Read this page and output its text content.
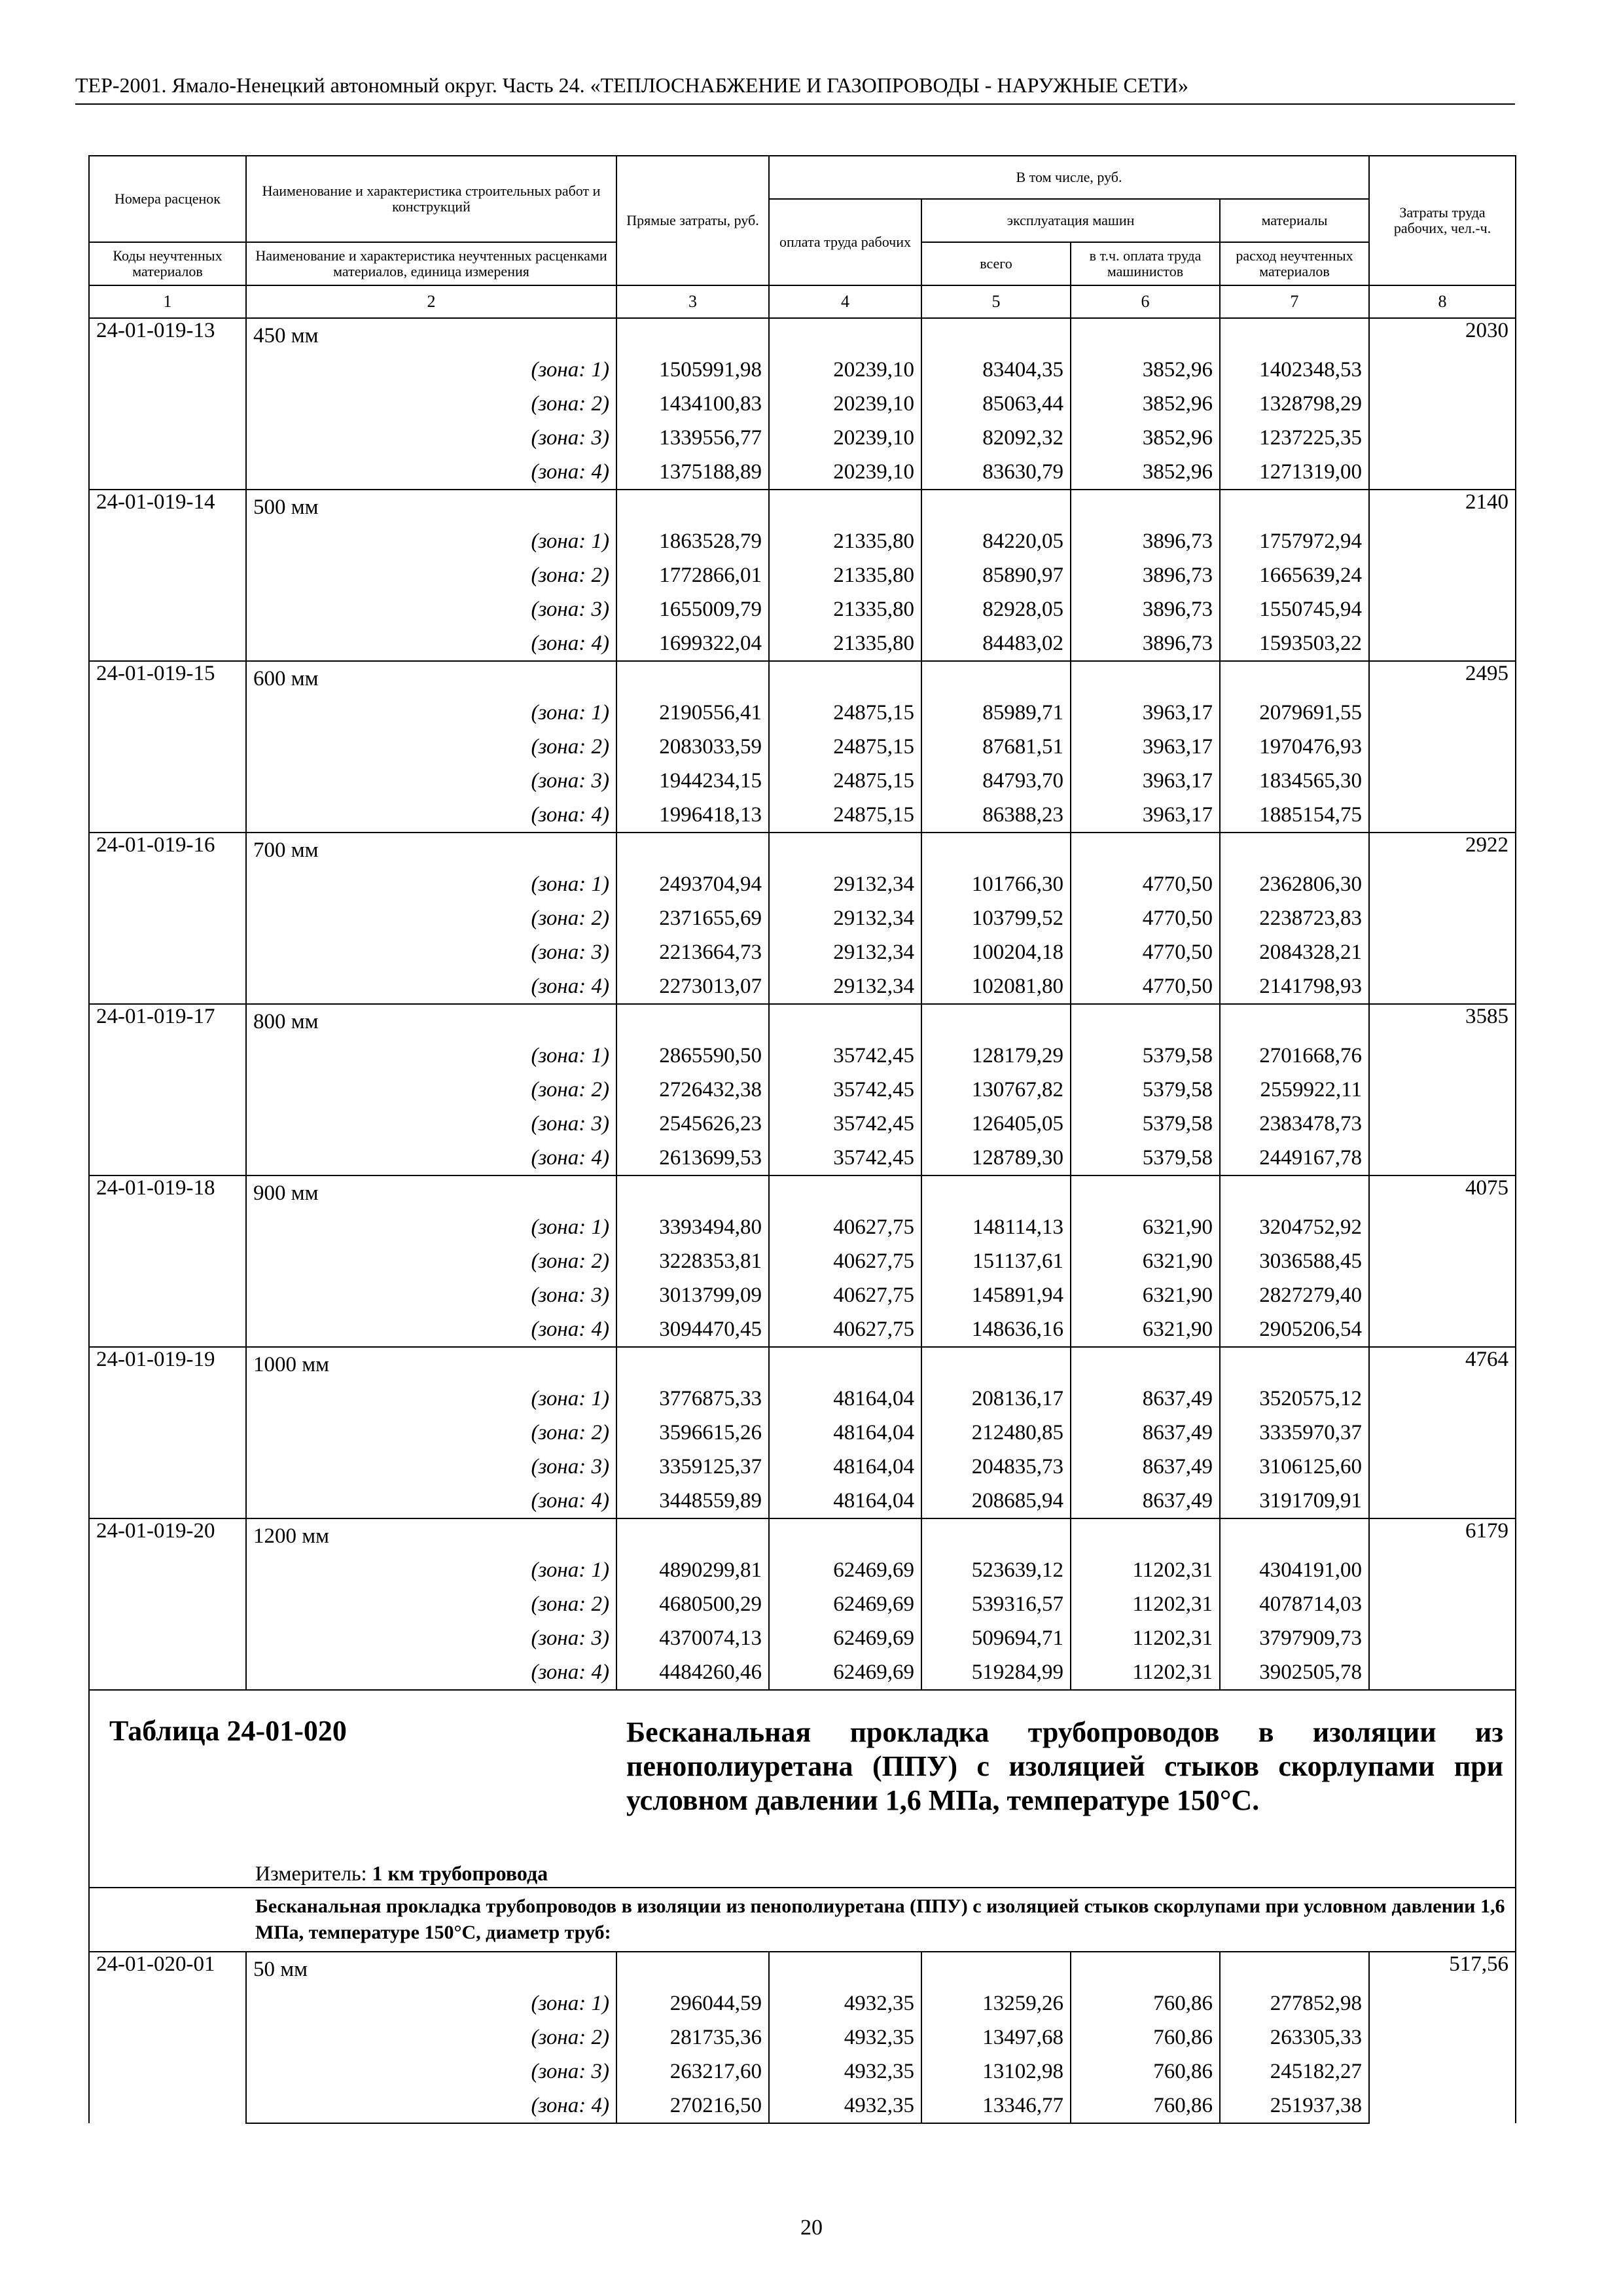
ТЕР-2001. Ямало-Ненецкий автономный округ. Часть 24. «ТЕПЛОСНАБЖЕНИЕ И ГАЗОПРОВОДЫ - НАРУЖНЫЕ СЕТИ»
Номера расценок	Наименование и характеристика строительных работ и конструкций	Прямые затраты, руб.	В том числе, руб.				Затраты труда рабочих, чел.-ч.
			оплата труда рабочих	эксплуатация машин		материалы	
Коды неучтенных материалов	Наименование и характеристика неучтенных расценками материалов, единица измерения			всего	в т.ч. оплата труда машинистов	расход неучтенных материалов	
1	2	3	4	5	6	7	8
24-01-019-13	450 мм						2030
	(зона: 1)	1505991,98	20239,10	83404,35	3852,96	1402348,53	
	(зона: 2)	1434100,83	20239,10	85063,44	3852,96	1328798,29	
	(зона: 3)	1339556,77	20239,10	82092,32	3852,96	1237225,35	
	(зона: 4)	1375188,89	20239,10	83630,79	3852,96	1271319,00	
24-01-019-14	500 мм						2140
	(зона: 1)	1863528,79	21335,80	84220,05	3896,73	1757972,94	
	(зона: 2)	1772866,01	21335,80	85890,97	3896,73	1665639,24	
	(зона: 3)	1655009,79	21335,80	82928,05	3896,73	1550745,94	
	(зона: 4)	1699322,04	21335,80	84483,02	3896,73	1593503,22	
24-01-019-15	600 мм						2495
	(зона: 1)	2190556,41	24875,15	85989,71	3963,17	2079691,55	
	(зона: 2)	2083033,59	24875,15	87681,51	3963,17	1970476,93	
	(зона: 3)	1944234,15	24875,15	84793,70	3963,17	1834565,30	
	(зона: 4)	1996418,13	24875,15	86388,23	3963,17	1885154,75	
24-01-019-16	700 мм						2922
	(зона: 1)	2493704,94	29132,34	101766,30	4770,50	2362806,30	
	(зона: 2)	2371655,69	29132,34	103799,52	4770,50	2238723,83	
	(зона: 3)	2213664,73	29132,34	100204,18	4770,50	2084328,21	
	(зона: 4)	2273013,07	29132,34	102081,80	4770,50	2141798,93	
24-01-019-17	800 мм						3585
	(зона: 1)	2865590,50	35742,45	128179,29	5379,58	2701668,76	
	(зона: 2)	2726432,38	35742,45	130767,82	5379,58	2559922,11	
	(зона: 3)	2545626,23	35742,45	126405,05	5379,58	2383478,73	
	(зона: 4)	2613699,53	35742,45	128789,30	5379,58	2449167,78	
24-01-019-18	900 мм						4075
	(зона: 1)	3393494,80	40627,75	148114,13	6321,90	3204752,92	
	(зона: 2)	3228353,81	40627,75	151137,61	6321,90	3036588,45	
	(зона: 3)	3013799,09	40627,75	145891,94	6321,90	2827279,40	
	(зона: 4)	3094470,45	40627,75	148636,16	6321,90	2905206,54	
24-01-019-19	1000 мм						4764
	(зона: 1)	3776875,33	48164,04	208136,17	8637,49	3520575,12	
	(зона: 2)	3596615,26	48164,04	212480,85	8637,49	3335970,37	
	(зона: 3)	3359125,37	48164,04	204835,73	8637,49	3106125,60	
	(зона: 4)	3448559,89	48164,04	208685,94	8637,49	3191709,91	
24-01-019-20	1200 мм						6179
	(зона: 1)	4890299,81	62469,69	523639,12	11202,31	4304191,00	
	(зона: 2)	4680500,29	62469,69	539316,57	11202,31	4078714,03	
	(зона: 3)	4370074,13	62469,69	509694,71	11202,31	3797909,73	
	(зона: 4)	4484260,46	62469,69	519284,99	11202,31	3902505,78	

Таблица 24-01-020 Бесканальная прокладка трубопроводов в изоляции из пенополиуретана (ППУ) с изоляцией стыков скорлупами при условном давлении 1,6 МПа, температуре 150°С.
Измеритель: 1 км трубопровода							

Бесканальная прокладка трубопроводов в изоляции из пенополиуретана (ППУ) с изоляцией стыков скорлупами при условном давлении 1,6 МПа, температуре 150°С, диаметр труб:							

24-01-020-01	50 мм						517,56
	(зона: 1)	296044,59	4932,35	13259,26	760,86	277852,98	
	(зона: 2)	281735,36	4932,35	13497,68	760,86	263305,33	
	(зона: 3)	263217,60	4932,35	13102,98	760,86	245182,27	
	(зона: 4)	270216,50	4932,35	13346,77	760,86	251937,38	
20
